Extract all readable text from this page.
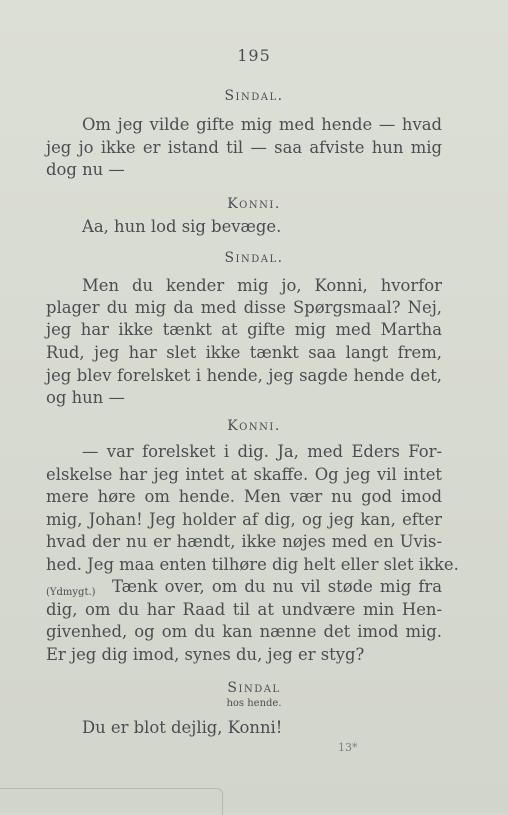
195
Sindal.
Om jeg vilde gifte mig med hende — hvad
jeg jo ikke er istand til — saa afviste hun mig
dog nu —
Konni.
Aa, hun lod sig bevæge.
Sindal.
Men du kender mig jo, Konni, hvorfor
plager du mig da med disse Spørgsmaal? Nej,
jeg har ikke tænkt at gifte mig med Martha
Rud, jeg har slet ikke tænkt saa langt frem,
jeg blev forelsket i hende, jeg sagde hende det,
og hun —
Konni.
— var forelsket i dig. Ja, med Eders For-
elskelse har jeg intet at skaffe. Og jeg vil intet
mere høre om hende. Men vær nu god imod
mig, Johan! Jeg holder af dig, og jeg kan, efter
hvad der nu er hændt, ikke nøjes med en Uvis-
hed. Jeg maa enten tilhøre dig helt eller slet ikke.
(Ydmygt.)	Tænk over, om du nu vil støde mig fra
dig, om du har Raad til at undvære min Hen-
givenhed, og om du kan nænne det imod mig.
Er jeg dig imod, synes du, jeg er styg?
Sindal
hos hende.
Du er blot dejlig, Konni!
13*
